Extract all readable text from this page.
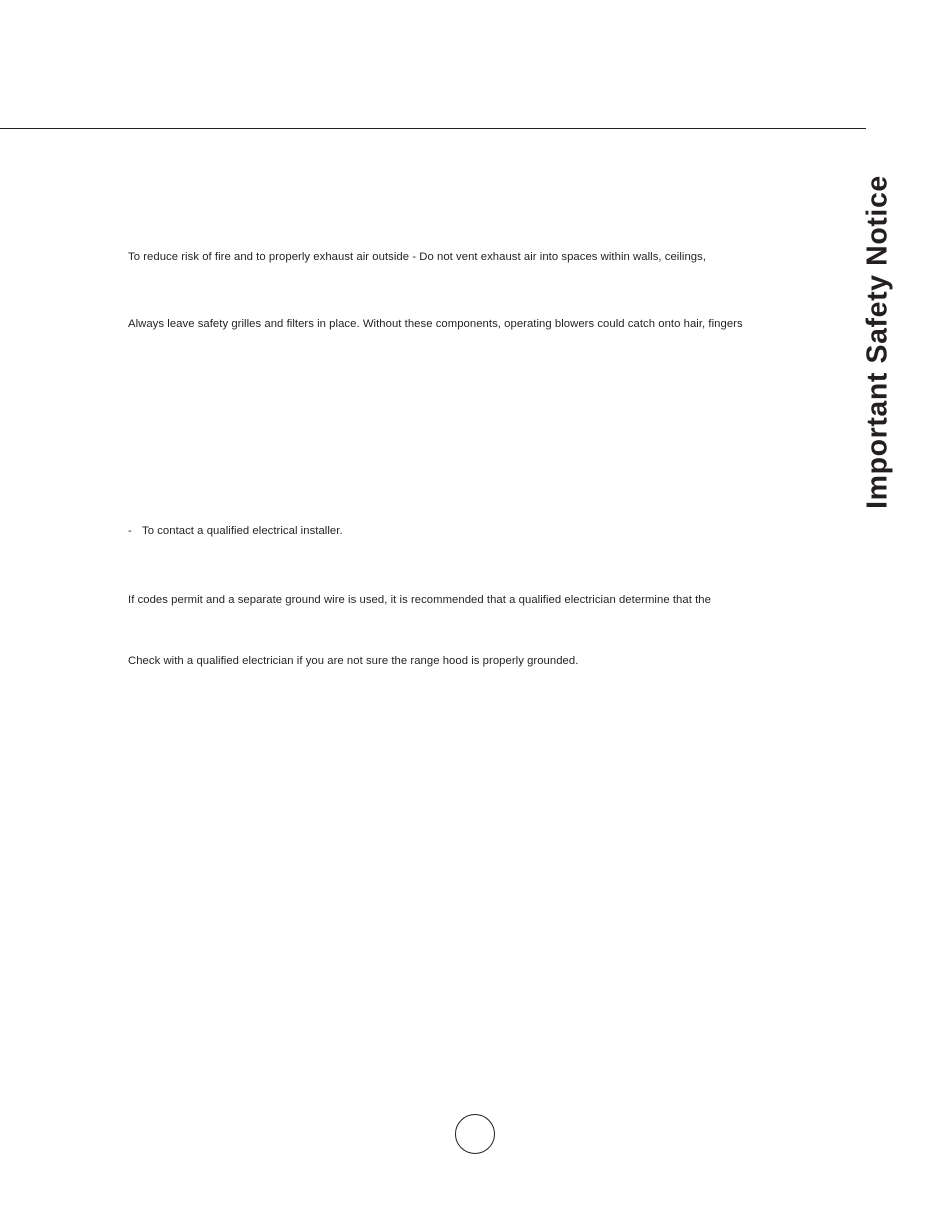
Important Safety Notice
To reduce risk of fire and to properly exhaust air outside - Do not vent exhaust air into spaces within walls, ceilings,
Always leave safety grilles and filters in place. Without these components, operating blowers could catch onto hair, fingers
- To contact a qualified electrical installer.
If codes permit and a separate ground wire is used, it is recommended that a qualified electrician determine that the
Check with a qualified electrician if you are not sure the range hood is properly grounded.
